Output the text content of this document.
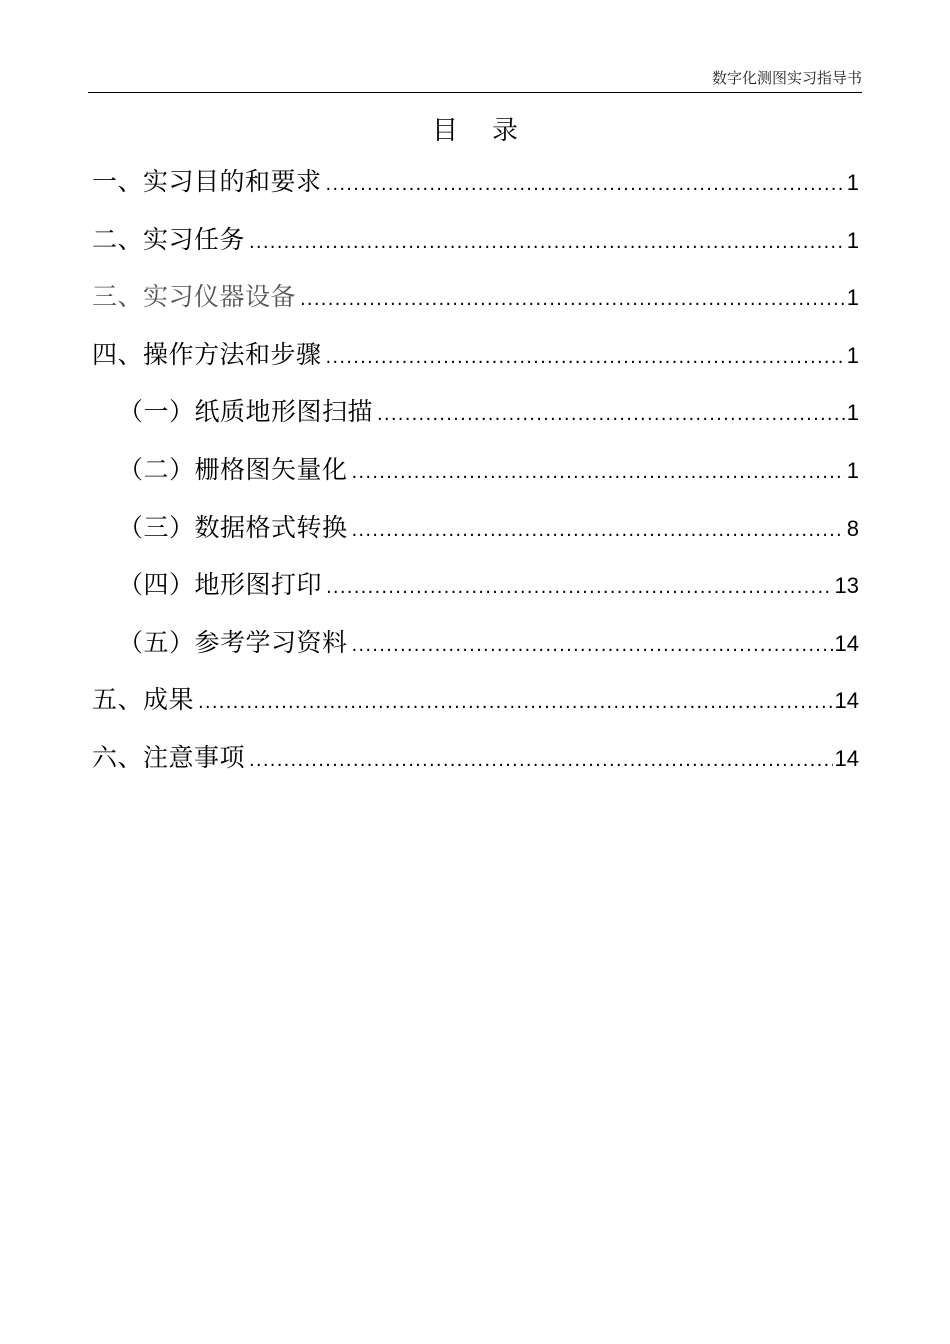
数字化测图实习指导书
目 录
一、实习目的和要求 .....	1
二、实习任务 .....	1
三、实习仪器设备 .....	1
四、操作方法和步骤 .....	1
（一）纸质地形图扫描 .....	1
（二）栅格图矢量化 .....	1
（三）数据格式转换 .....	8
（四）地形图打印 .....	13
（五）参考学习资料 .....	14
五、成果 .....	14
六、注意事项 .....	14
